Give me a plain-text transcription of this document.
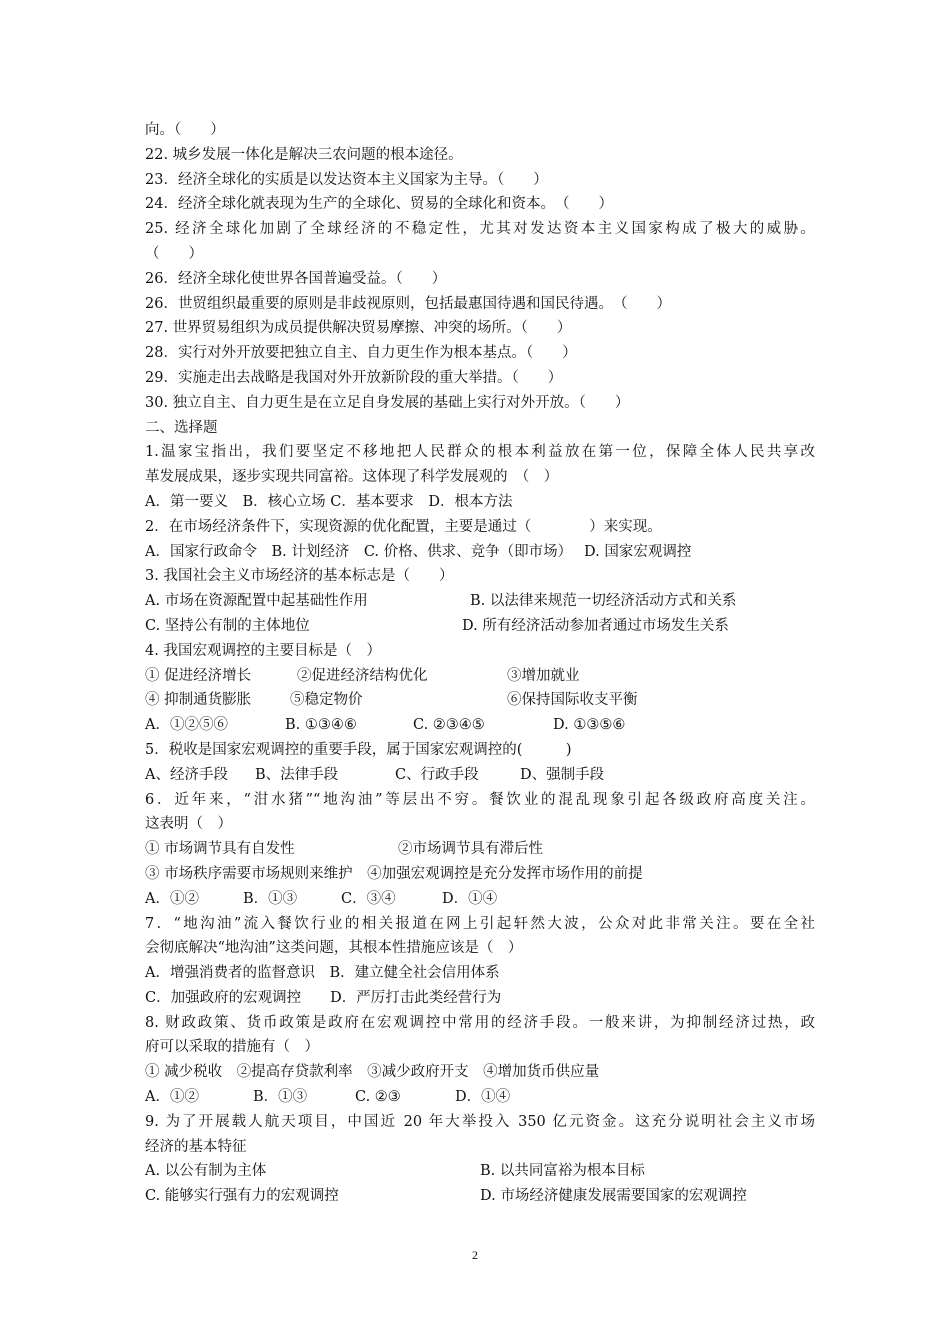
向。（　　）
22. 城乡发展一体化是解决三农问题的根本途径。
23．经济全球化的实质是以发达资本主义国家为主导。（　　）
24．经济全球化就表现为生产的全球化、贸易的全球化和资本。　（　　）
25. 经济全球化加剧了全球经济的不稳定性，尤其对发达资本主义国家构成了极大的威胁。
（　　）
26．经济全球化使世界各国普遍受益。（　　）
26．世贸组织最重要的原则是非歧视原则，包括最惠国待遇和国民待遇。　（　　）
27. 世界贸易组织为成员提供解决贸易摩擦、冲突的场所。（　　）
28．实行对外开放要把独立自主、自力更生作为根本基点。（　　）
29．实施走出去战略是我国对外开放新阶段的重大举措。（　　）
30. 独立自主、自力更生是在立足自身发展的基础上实行对外开放。（　　）
二、选择题
1.温家宝指出，我们要坚定不移地把人民群众的根本利益放在第一位，保障全体人民共享改
革发展成果，逐步实现共同富裕。这体现了科学发展观的　（　）
A．第一要义　B．核心立场 C．基本要求　D．根本方法
2．在市场经济条件下，实现资源的优化配置，主要是通过（　　　　）来实现。
A．国家行政命令　B. 计划经济　C. 价格、供求、竞争（即市场）　 D. 国家宏观调控
3. 我国社会主义市场经济的基本标志是（　　）
A. 市场在资源配置中起基础性作用	B. 以法律来规范一切经济活动方式和关系
C. 坚持公有制的主体地位	D. 所有经济活动参加者通过市场发生关系
4. 我国宏观调控的主要目标是（　）
① 促进经济增长	②促进经济结构优化	③增加就业
④ 抑制通货膨胀	⑤稳定物价	⑥保持国际收支平衡
A．①②⑤⑥	B. ①③④⑥	C. ②③④⑤	D. ①③⑤⑥
5．税收是国家宏观调控的重要手段，属于国家宏观调控的(　　　)
A、经济手段	B、法律手段	C、行政手段	D、强制手段
6．近年来，“泔水猪”“地沟油”等层出不穷。餐饮业的混乱现象引起各级政府高度关注。
这表明（　）
① 市场调节具有自发性	②市场调节具有滞后性
③ 市场秩序需要市场规则来维护　④加强宏观调控是充分发挥市场作用的前提
A．①②	B．①③	C．③④	D．①④
7．“地沟油”流入餐饮行业的相关报道在网上引起轩然大波，公众对此非常关注。要在全社
会彻底解决“地沟油”这类问题，其根本性措施应该是（　）
A．增强消费者的监督意识　B．建立健全社会信用体系
C．加强政府的宏观调控　　D．严厉打击此类经营行为
8. 财政政策、货币政策是政府在宏观调控中常用的经济手段。一般来讲，为抑制经济过热，政
府可以采取的措施有（　）
① 减少税收　②提高存贷款利率　③减少政府开支　④增加货币供应量
A．①②	B．①③	C. ②③	D．①④
9. 为了开展载人航天项目，中国近 20 年大举投入 350 亿元资金。这充分说明社会主义市场
经济的基本特征
A. 以公有制为主体	B. 以共同富裕为根本目标
C. 能够实行强有力的宏观调控	D. 市场经济健康发展需要国家的宏观调控
2
